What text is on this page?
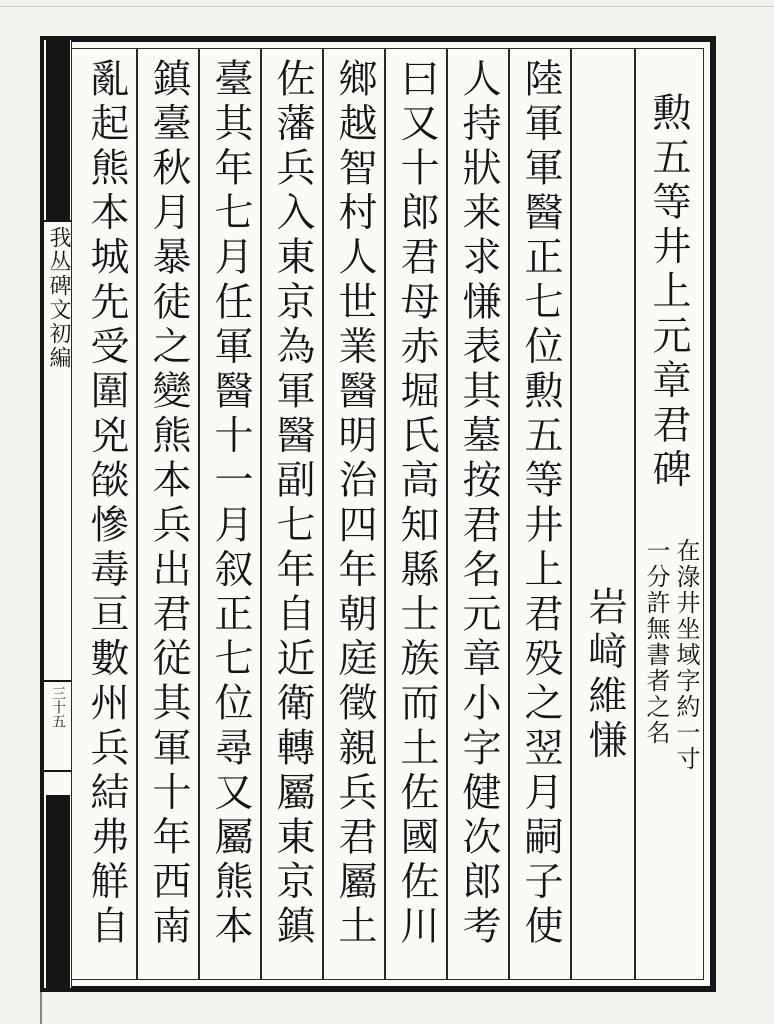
我丛碑文初編
三十五
勲五等井上元章君碑
在淥井坐域字約一寸
一分許無書者之名
岩﨑維慊
陸軍軍醫正七位勲五等井上君殁之翌月嗣子使
人持狀来求慊表其墓按君名元章小字健次郎考
曰又十郎君母赤堀氏高知縣士族而土佐國佐川
鄉越智村人世業醫明治四年朝庭徵親兵君屬土
佐藩兵入東京為軍醫副七年自近衛轉屬東京鎮
臺其年七月任軍醫十一月叙正七位尋又屬熊本
鎮臺秋月暴徒之變熊本兵出君従其軍十年西南
亂起熊本城先受圍兇燄慘毒亘數州兵結弗觧自
